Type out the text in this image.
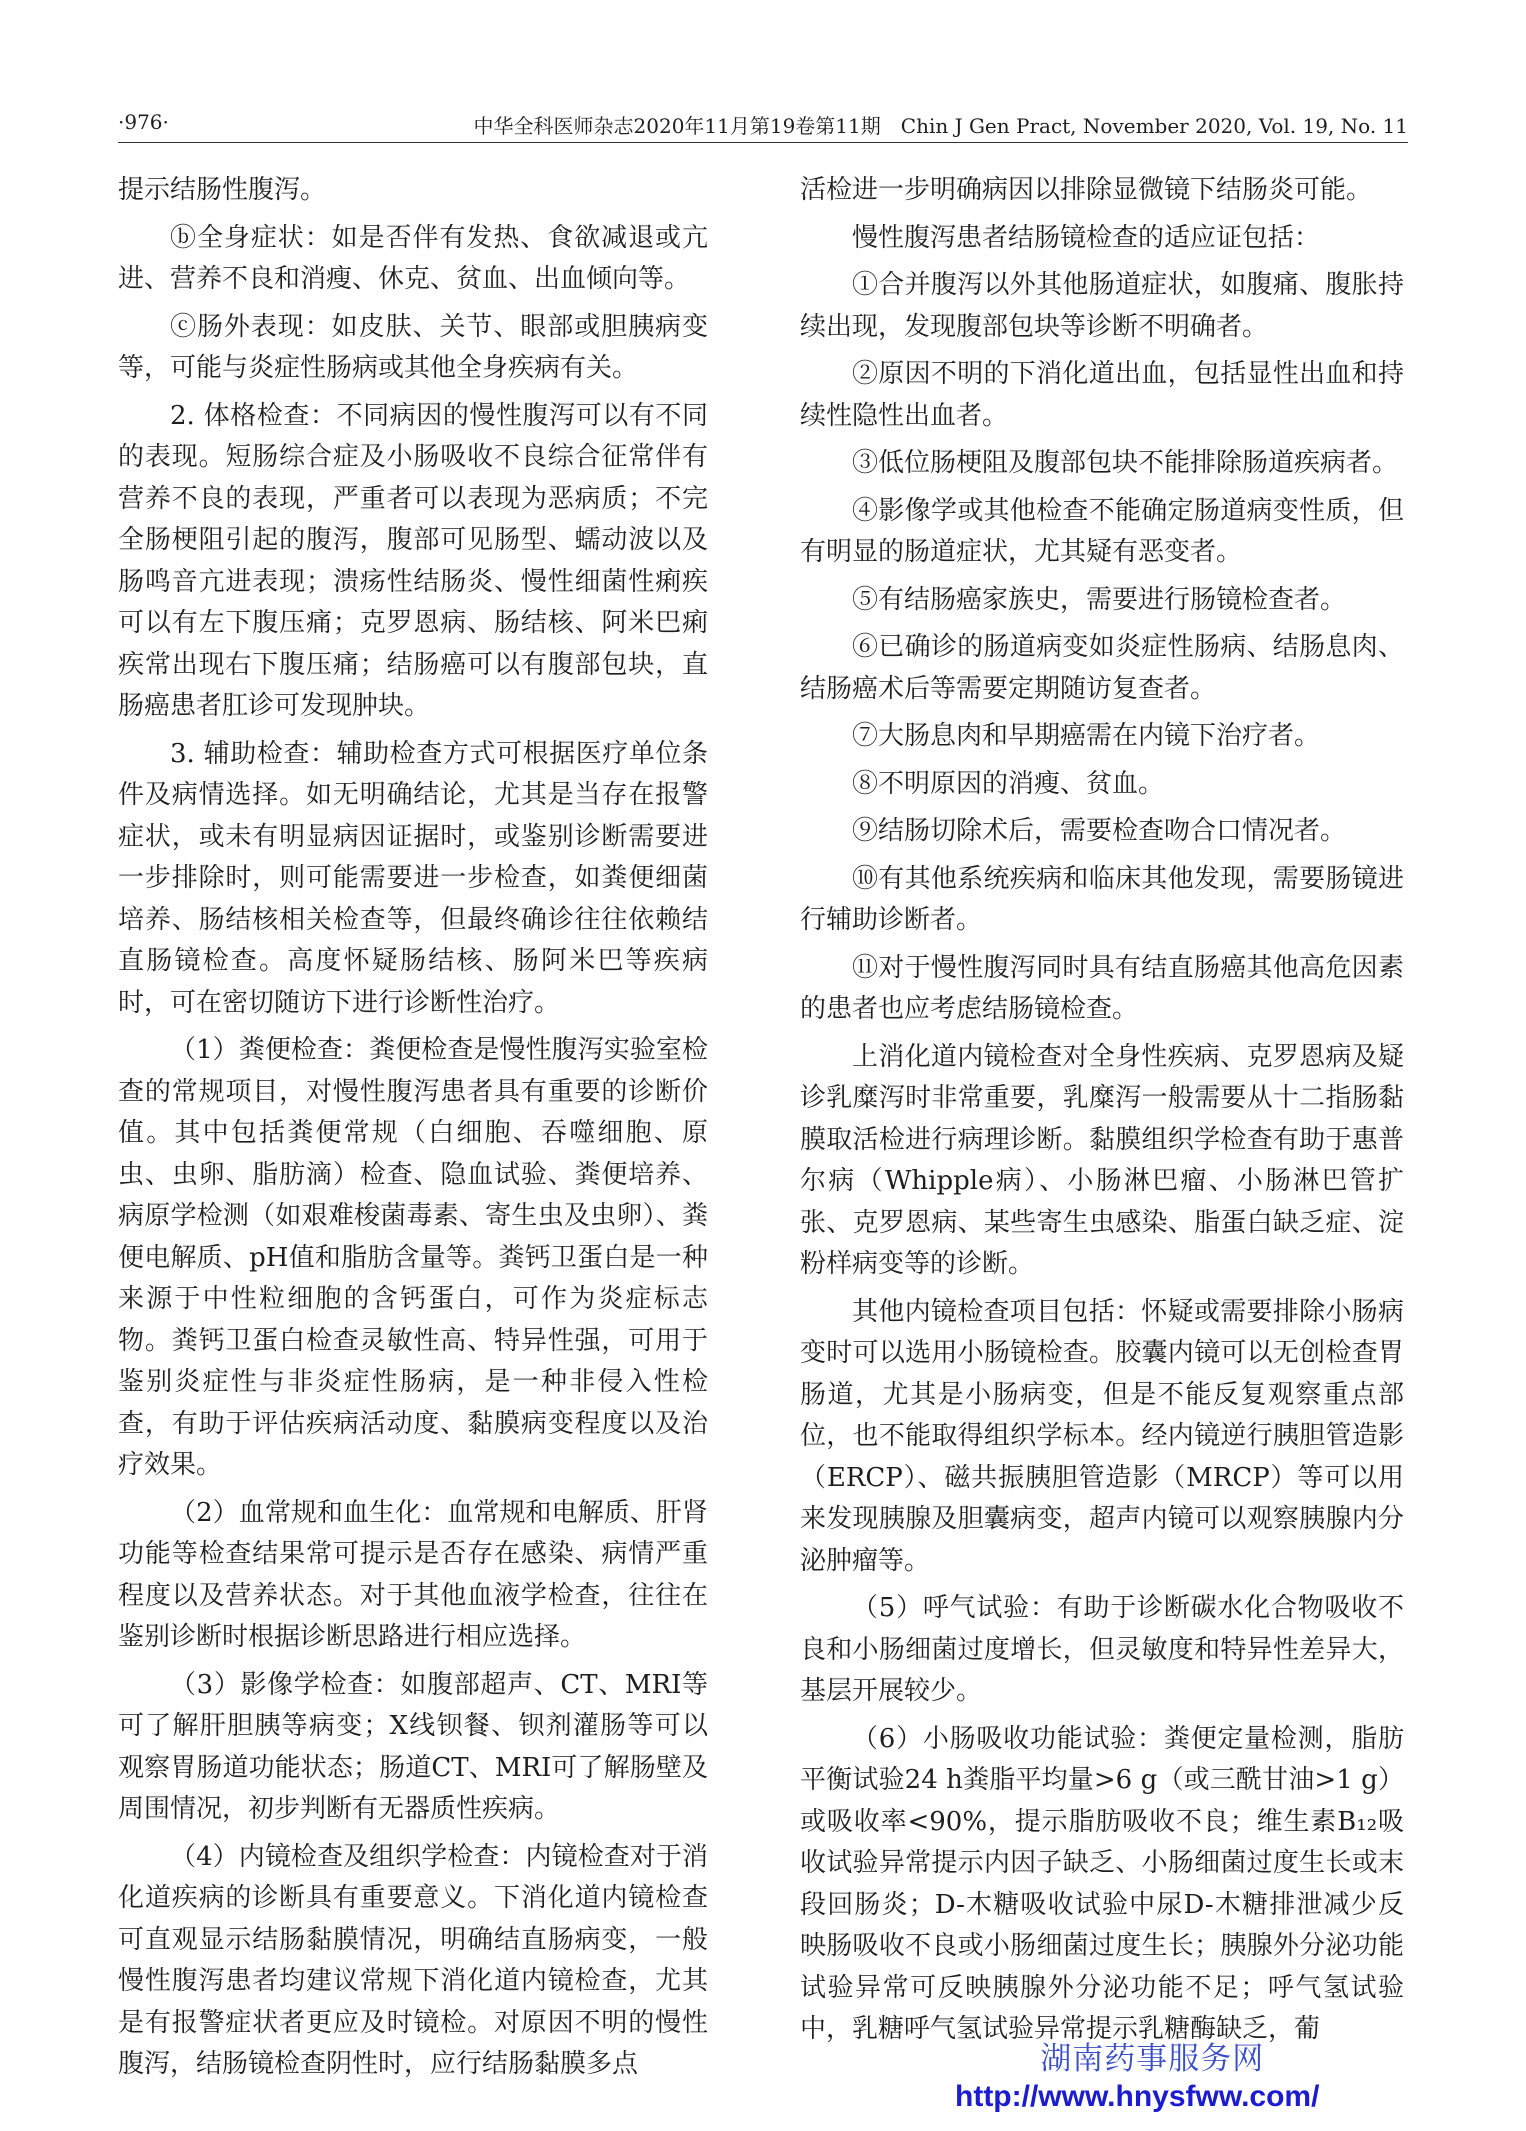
·976·	中华全科医师杂志2020年11月第19卷第11期　Chin J Gen Pract, November 2020, Vol. 19, No. 11

提示结肠性腹泻。

ⓑ全身症状：如是否伴有发热、食欲减退或亢进、营养不良和消瘦、休克、贫血、出血倾向等。

ⓒ肠外表现：如皮肤、关节、眼部或胆胰病变等，可能与炎症性肠病或其他全身疾病有关。

2. 体格检查：不同病因的慢性腹泻可以有不同的表现。短肠综合症及小肠吸收不良综合征常伴有营养不良的表现，严重者可以表现为恶病质；不完全肠梗阻引起的腹泻，腹部可见肠型、蠕动波以及肠鸣音亢进表现；溃疡性结肠炎、慢性细菌性痢疾可以有左下腹压痛；克罗恩病、肠结核、阿米巴痢疾常出现右下腹压痛；结肠癌可以有腹部包块，直肠癌患者肛诊可发现肿块。

3. 辅助检查：辅助检查方式可根据医疗单位条件及病情选择。如无明确结论，尤其是当存在报警症状，或未有明显病因证据时，或鉴别诊断需要进一步排除时，则可能需要进一步检查，如粪便细菌培养、肠结核相关检查等，但最终确诊往往依赖结直肠镜检查。高度怀疑肠结核、肠阿米巴等疾病时，可在密切随访下进行诊断性治疗。

（1）粪便检查：粪便检查是慢性腹泻实验室检查的常规项目，对慢性腹泻患者具有重要的诊断价值。其中包括粪便常规（白细胞、吞噬细胞、原虫、虫卵、脂肪滴）检查、隐血试验、粪便培养、病原学检测（如艰难梭菌毒素、寄生虫及虫卵）、粪便电解质、pH值和脂肪含量等。粪钙卫蛋白是一种来源于中性粒细胞的含钙蛋白，可作为炎症标志物。粪钙卫蛋白检查灵敏性高、特异性强，可用于鉴别炎症性与非炎症性肠病，是一种非侵入性检查，有助于评估疾病活动度、黏膜病变程度以及治疗效果。

（2）血常规和血生化：血常规和电解质、肝肾功能等检查结果常可提示是否存在感染、病情严重程度以及营养状态。对于其他血液学检查，往往在鉴别诊断时根据诊断思路进行相应选择。

（3）影像学检查：如腹部超声、CT、MRI等可了解肝胆胰等病变；X线钡餐、钡剂灌肠等可以观察胃肠道功能状态；肠道CT、MRI可了解肠壁及周围情况，初步判断有无器质性疾病。

（4）内镜检查及组织学检查：内镜检查对于消化道疾病的诊断具有重要意义。下消化道内镜检查可直观显示结肠黏膜情况，明确结直肠病变，一般慢性腹泻患者均建议常规下消化道内镜检查，尤其是有报警症状者更应及时镜检。对原因不明的慢性腹泻，结肠镜检查阴性时，应行结肠黏膜多点

活检进一步明确病因以排除显微镜下结肠炎可能。

慢性腹泻患者结肠镜检查的适应证包括：

①合并腹泻以外其他肠道症状，如腹痛、腹胀持续出现，发现腹部包块等诊断不明确者。

②原因不明的下消化道出血，包括显性出血和持续性隐性出血者。

③低位肠梗阻及腹部包块不能排除肠道疾病者。

④影像学或其他检查不能确定肠道病变性质，但有明显的肠道症状，尤其疑有恶变者。

⑤有结肠癌家族史，需要进行肠镜检查者。

⑥已确诊的肠道病变如炎症性肠病、结肠息肉、结肠癌术后等需要定期随访复查者。

⑦大肠息肉和早期癌需在内镜下治疗者。

⑧不明原因的消瘦、贫血。

⑨结肠切除术后，需要检查吻合口情况者。

⑩有其他系统疾病和临床其他发现，需要肠镜进行辅助诊断者。

⑪对于慢性腹泻同时具有结直肠癌其他高危因素的患者也应考虑结肠镜检查。

上消化道内镜检查对全身性疾病、克罗恩病及疑诊乳糜泻时非常重要，乳糜泻一般需要从十二指肠黏膜取活检进行病理诊断。黏膜组织学检查有助于惠普尔病（Whipple病）、小肠淋巴瘤、小肠淋巴管扩张、克罗恩病、某些寄生虫感染、脂蛋白缺乏症、淀粉样病变等的诊断。

其他内镜检查项目包括：怀疑或需要排除小肠病变时可以选用小肠镜检查。胶囊内镜可以无创检查胃肠道，尤其是小肠病变，但是不能反复观察重点部位，也不能取得组织学标本。经内镜逆行胰胆管造影（ERCP）、磁共振胰胆管造影（MRCP）等可以用来发现胰腺及胆囊病变，超声内镜可以观察胰腺内分泌肿瘤等。

（5）呼气试验：有助于诊断碳水化合物吸收不良和小肠细菌过度增长，但灵敏度和特异性差异大，基层开展较少。

（6）小肠吸收功能试验：粪便定量检测，脂肪平衡试验24 h粪脂平均量>6 g（或三酰甘油>1 g）或吸收率<90%，提示脂肪吸收不良；维生素B₁₂吸收试验异常提示内因子缺乏、小肠细菌过度生长或末段回肠炎；D-木糖吸收试验中尿D-木糖排泄减少反映肠吸收不良或小肠细菌过度生长；胰腺外分泌功能试验异常可反映胰腺外分泌功能不足；呼气氢试验中，乳糖呼气氢试验异常提示乳糖酶缺乏，葡

湖南药事服务网
http://www.hnysfww.com/
